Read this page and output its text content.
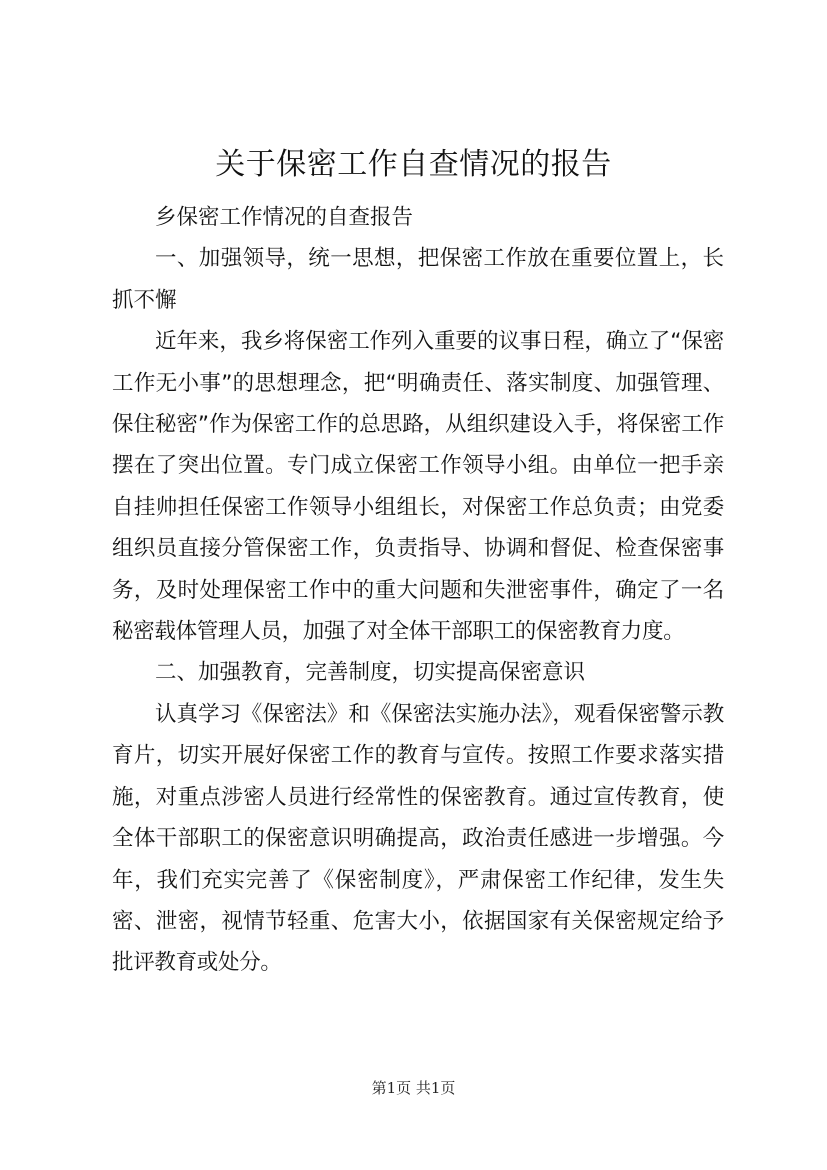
关于保密工作自查情况的报告

乡保密工作情况的自查报告

一、加强领导，统一思想，把保密工作放在重要位置上，长抓不懈

近年来，我乡将保密工作列入重要的议事日程，确立了“保密工作无小事”的思想理念，把“明确责任、落实制度、加强管理、保住秘密”作为保密工作的总思路，从组织建设入手，将保密工作摆在了突出位置。专门成立保密工作领导小组。由单位一把手亲自挂帅担任保密工作领导小组组长，对保密工作总负责；由党委组织员直接分管保密工作，负责指导、协调和督促、检查保密事务，及时处理保密工作中的重大问题和失泄密事件，确定了一名秘密载体管理人员，加强了对全体干部职工的保密教育力度。

二、加强教育，完善制度，切实提高保密意识

认真学习《保密法》和《保密法实施办法》，观看保密警示教育片，切实开展好保密工作的教育与宣传。按照工作要求落实措施，对重点涉密人员进行经常性的保密教育。通过宣传教育，使全体干部职工的保密意识明确提高，政治责任感进一步增强。今年，我们充实完善了《保密制度》，严肃保密工作纪律，发生失密、泄密，视情节轻重、危害大小，依据国家有关保密规定给予批评教育或处分。

第1页 共1页
